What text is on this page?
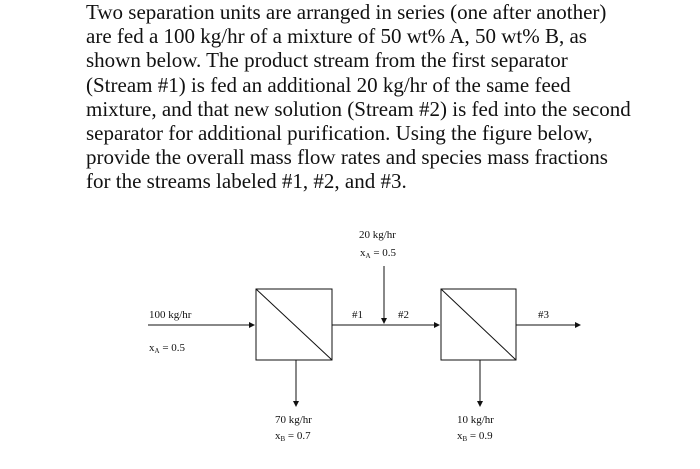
Two separation units are arranged in series (one after another)
are fed a 100 kg/hr of a mixture of 50 wt% A, 50 wt% B, as
shown below. The product stream from the first separator
(Stream #1) is fed an additional 20 kg/hr of the same feed
mixture, and that new solution (Stream #2) is fed into the second
separator for additional purification. Using the figure below,
provide the overall mass flow rates and species mass fractions
for the streams labeled #1, #2, and #3.
20 kg/hr
xA = 0.5
100 kg/hr
xA = 0.5
#1	#2	#3
70 kg/hr
xB = 0.7
10 kg/hr
xB = 0.9
